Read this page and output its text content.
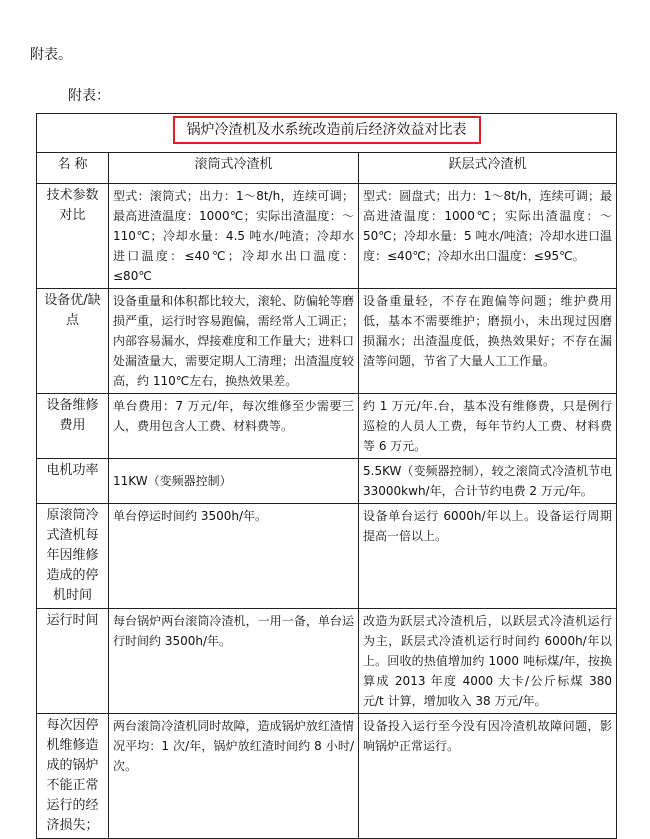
附表。
附表：
锅炉冷渣机及水系统改造前后经济效益对比表		
名 称	滚筒式冷渣机	跃层式冷渣机
技术参数对比	型式：滚筒式；出力：1～8t/h，连续可调；最高进渣温度：1000℃；实际出渣温度：～110℃；冷却水量：4.5 吨水/吨渣；冷却水进口温度：≤40℃；冷却水出口温度：≤80℃	型式：圆盘式；出力：1～8t/h，连续可调；最高进渣温度：1000℃；实际出渣温度：～50℃；冷却水量：5 吨水/吨渣；冷却水进口温度：≤40℃；冷却水出口温度：≤95℃。
设备优/缺点	设备重量和体积都比较大，滚轮、防偏轮等磨损严重，运行时容易跑偏，需经常人工调正；内部容易漏水，焊接难度和工作量大；进料口处漏渣量大，需要定期人工清理；出渣温度较高，约 110℃左右，换热效果差。	设备重量轻，不存在跑偏等问题；维护费用低，基本不需要维护；磨损小，未出现过因磨损漏水；出渣温度低，换热效果好；不存在漏渣等问题，节省了大量人工工作量。
设备维修费用	单台费用：7 万元/年，每次维修至少需要三人，费用包含人工费、材料费等。	约 1 万元/年.台，基本没有维修费，只是例行巡检的人员人工费，每年节约人工费、材料费等 6 万元。
电机功率	11KW（变频器控制）	5.5KW（变频器控制），较之滚筒式冷渣机节电 33000kwh/年，合计节约电费 2 万元/年。
原滚筒冷式渣机每年因维修造成的停机时间	单台停运时间约 3500h/年。	设备单台运行 6000h/年以上。设备运行周期提高一倍以上。
运行时间	每台锅炉两台滚筒冷渣机，一用一备，单台运行时间约 3500h/年。	改造为跃层式冷渣机后，以跃层式冷渣机运行为主，跃层式冷渣机运行时间约 6000h/年以上。回收的热值增加约 1000 吨标煤/年，按换算成 2013 年度 4000 大卡/公斤标煤 380 元/t 计算，增加收入 38 万元/年。
每次因停机维修造成的锅炉不能正常运行的经济损失；	两台滚筒冷渣机同时故障，造成锅炉放红渣情况平均：1 次/年，锅炉放红渣时间约 8 小时/次。	设备投入运行至今没有因冷渣机故障问题，影响锅炉正常运行。
